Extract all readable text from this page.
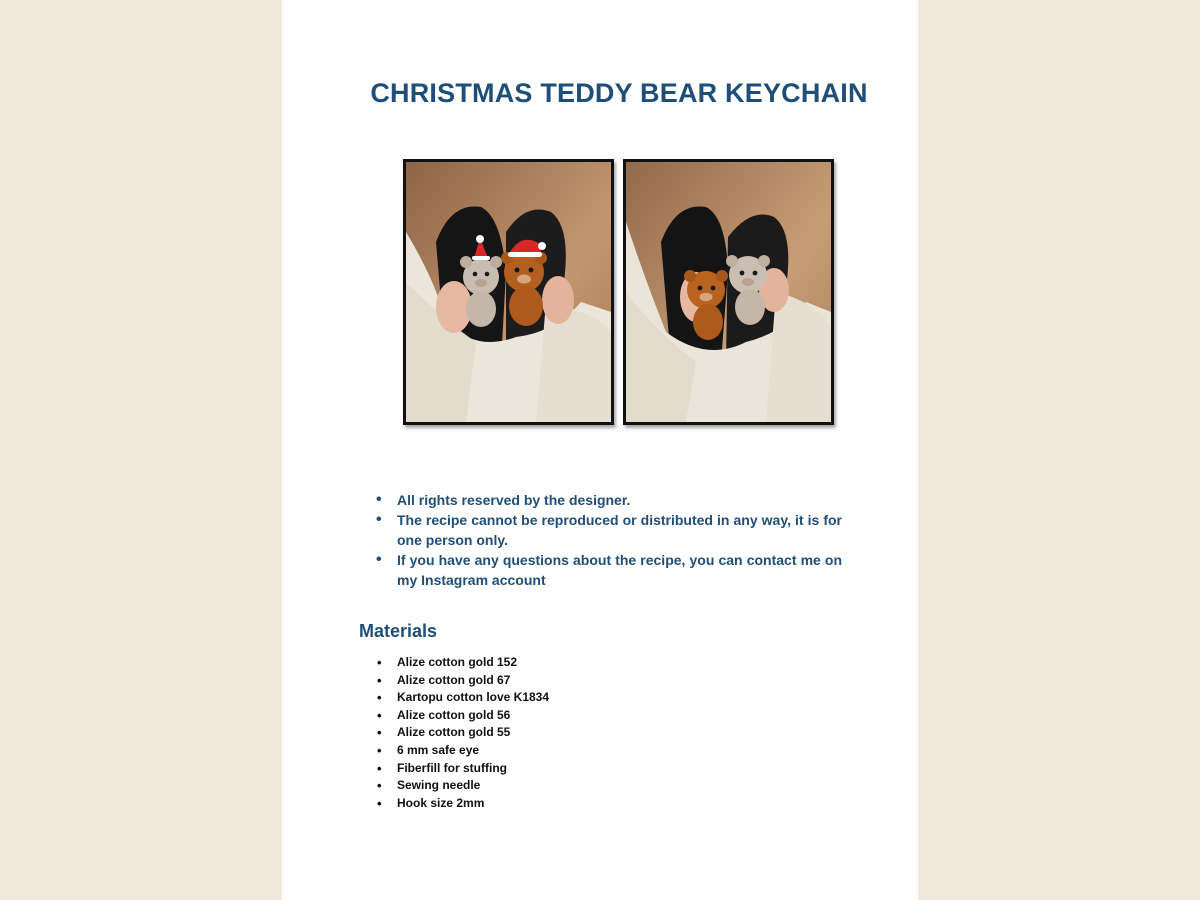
CHRISTMAS TEDDY BEAR KEYCHAIN
• All rights reserved by the designer.
• The recipe cannot be reproduced or distributed in any way, it is for one person only.
• If you have any questions about the recipe, you can contact me on my Instagram account
Materials
• Alize cotton gold 152
• Alize cotton gold 67
• Kartopu cotton love K1834
• Alize cotton gold 56
• Alize cotton gold 55
• 6 mm safe eye
• Fiberfill for stuffing
• Sewing needle
• Hook size 2mm
